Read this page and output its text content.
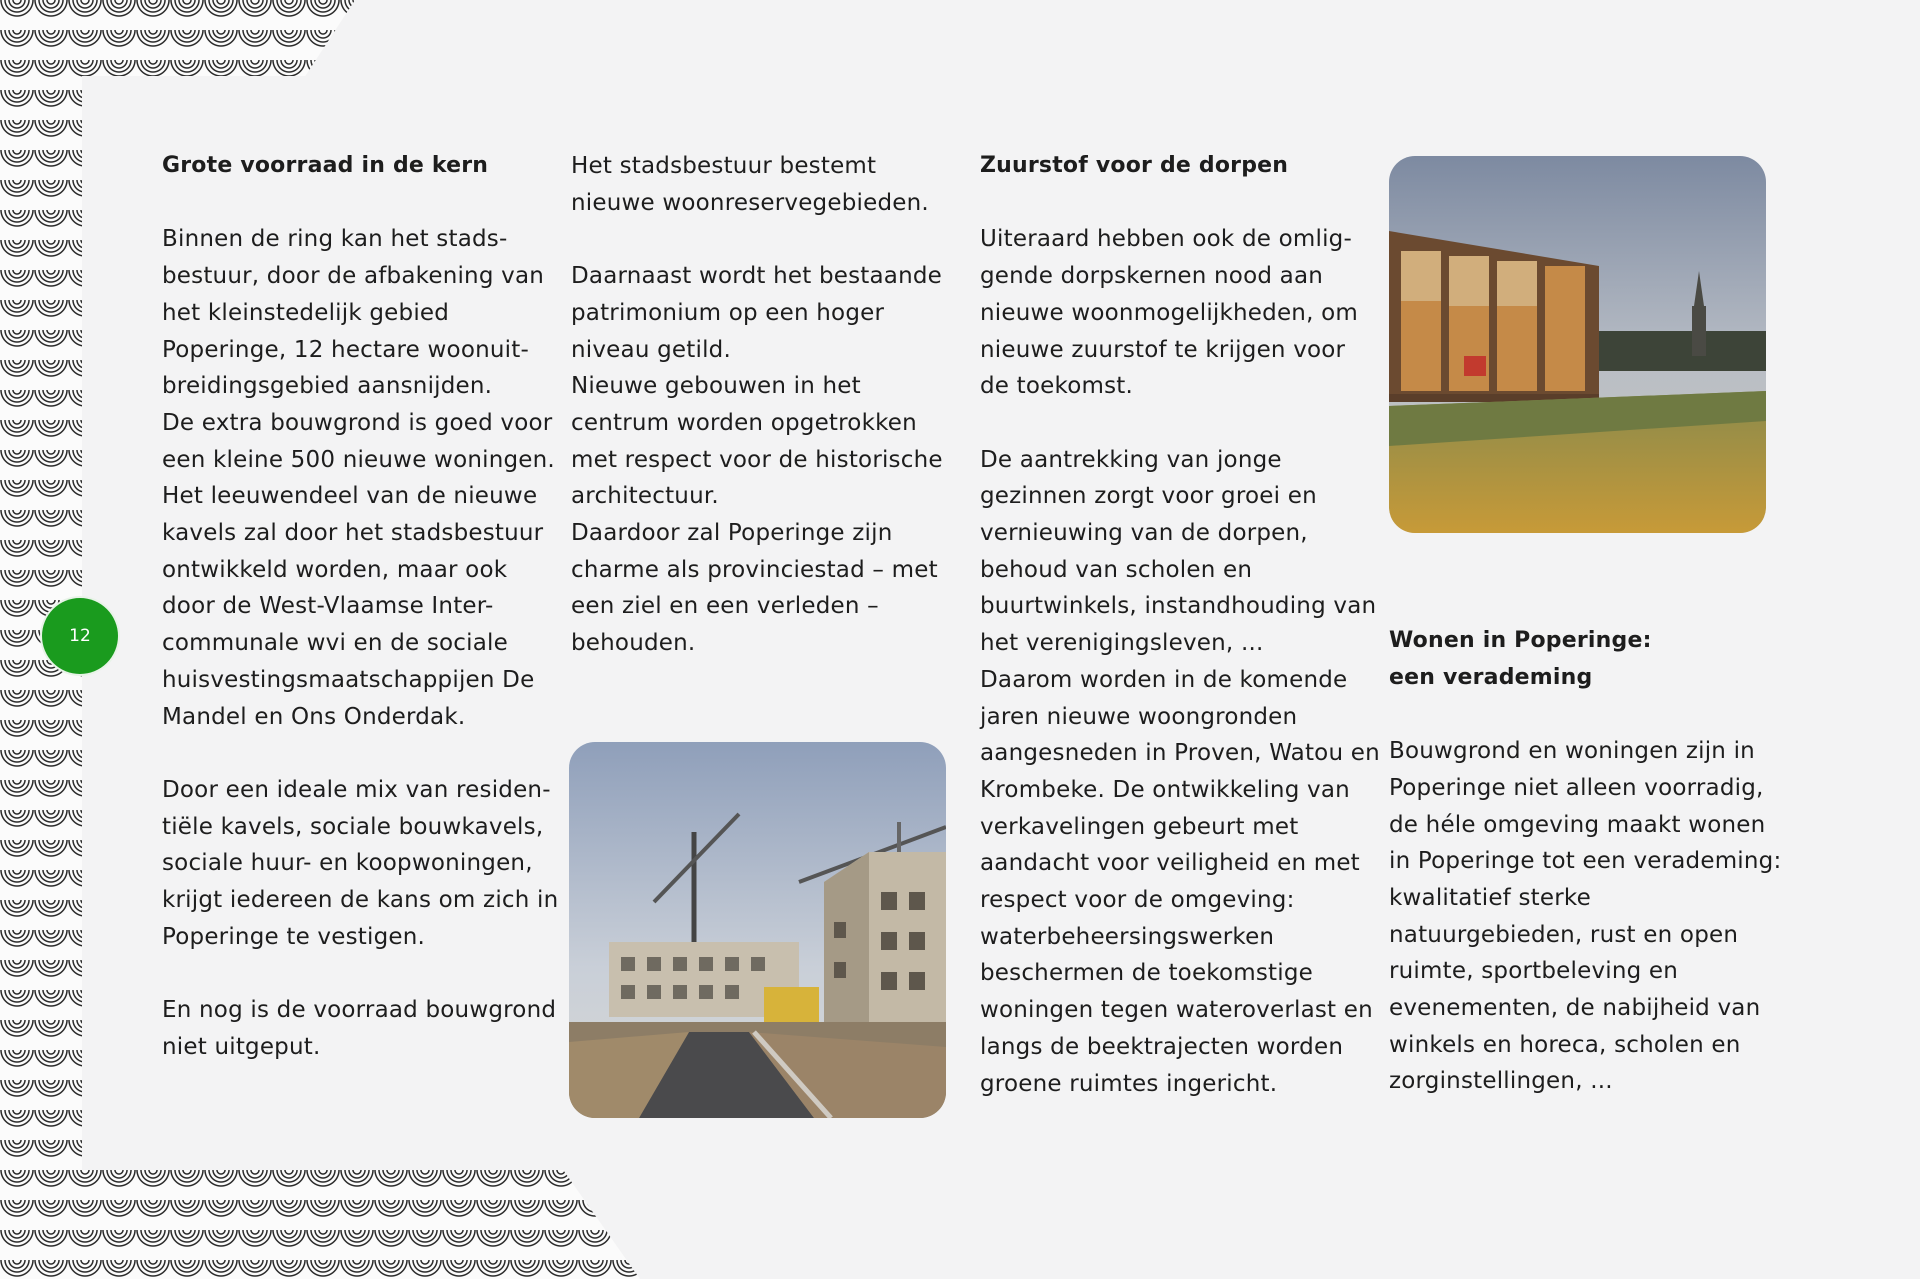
12
Grote voorraad in de kern

Binnen de ring kan het stads-bestuur, door de afbakening van het kleinstedelijk gebied Poperinge, 12 hectare woonuit-breidingsgebied aansnijden.

De extra bouwgrond is goed voor een kleine 500 nieuwe woningen. Het leeuwendeel van de nieuwe kavels zal door het stadsbestuur ontwikkeld worden, maar ook door de West-Vlaamse Inter-communale wvi en de sociale huisvestingsmaatschappijen De Mandel en Ons Onderdak.

Door een ideale mix van residen-tiële kavels, sociale bouwkavels, sociale huur- en koopwoningen, krijgt iedereen de kans om zich in Poperinge te vestigen.

En nog is de voorraad bouwgrond niet uitgeput.

Het stadsbestuur bestemt nieuwe woonreservegebieden.

Daarnaast wordt het bestaande patrimonium op een hoger niveau getild.

Nieuwe gebouwen in het centrum worden opgetrokken met respect voor de historische architectuur.

Daardoor zal Poperinge zijn charme als provinciestad – met een ziel en een verleden – behouden.

Zuurstof voor de dorpen

Uiteraard hebben ook de omlig-gende dorpskernen nood aan nieuwe woonmogelijkheden, om nieuwe zuurstof te krijgen voor de toekomst.

De aantrekking van jonge gezinnen zorgt voor groei en vernieuwing van de dorpen, behoud van scholen en buurtwinkels, instandhouding van het verenigingsleven, ...

Daarom worden in de komende jaren nieuwe woongronden aangesneden in Proven, Watou en Krombeke. De ontwikkeling van verkavelingen gebeurt met aandacht voor veiligheid en met respect voor de omgeving: waterbeheersingswerken beschermen de toekomstige woningen tegen wateroverlast en langs de beektrajecten worden groene ruimtes ingericht.

Wonen in Poperinge:
een verademing

Bouwgrond en woningen zijn in Poperinge niet alleen voorradig, de héle omgeving maakt wonen in Poperinge tot een verademing: kwalitatief sterke natuurgebieden, rust en open ruimte, sportbeleving en evenementen, de nabijheid van winkels en horeca, scholen en zorginstellingen, ...
